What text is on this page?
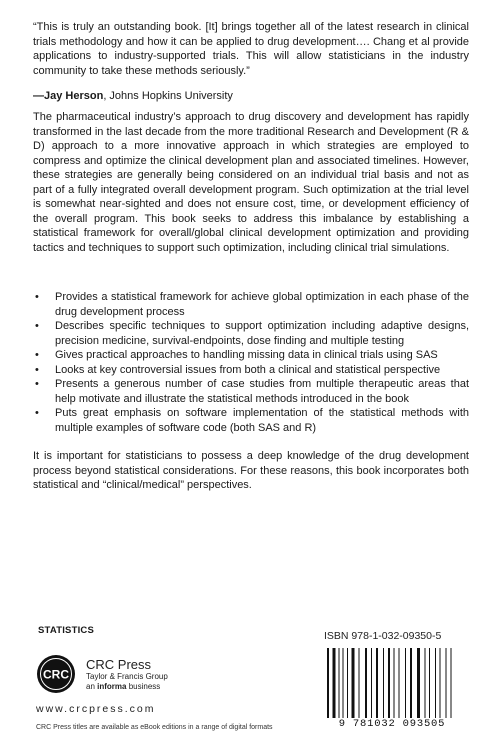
“This is truly an outstanding book. [It] brings together all of the latest research in clinical trials methodology and how it can be applied to drug development…. Chang et al provide applications to industry-supported trials. This will allow statisticians in the industry community to take these methods seriously.”
—Jay Herson, Johns Hopkins University
The pharmaceutical industry’s approach to drug discovery and development has rapidly transformed in the last decade from the more traditional Research and Development (R & D) approach to a more innovative approach in which strategies are employed to compress and optimize the clinical development plan and associated timelines. However, these strategies are generally being considered on an individual trial basis and not as part of a fully integrated overall development program. Such optimization at the trial level is somewhat near-sighted and does not ensure cost, time, or development efficiency of the overall program. This book seeks to address this imbalance by establishing a statistical framework for overall/global clinical development optimization and providing tactics and techniques to support such optimization, including clinical trial simulations.
• Provides a statistical framework for achieve global optimization in each phase of the drug development process
• Describes specific techniques to support optimization including adaptive designs, precision medicine, survival-endpoints, dose finding and multiple testing
• Gives practical approaches to handling missing data in clinical trials using SAS
• Looks at key controversial issues from both a clinical and statistical perspective
• Presents a generous number of case studies from multiple therapeutic areas that help motivate and illustrate the statistical methods introduced in the book
• Puts great emphasis on software implementation of the statistical methods with multiple examples of software code (both SAS and R)
It is important for statisticians to possess a deep knowledge of the drug development process beyond statistical considerations. For these reasons, this book incorporates both statistical and “clinical/medical” perspectives.
STATISTICS
CRC
CRC Press
Taylor & Francis Group
an informa business
www.crcpress.com
CRC Press titles are available as eBook editions in a range of digital formats
ISBN 978-1-032-09350-5
9 781032 093505
